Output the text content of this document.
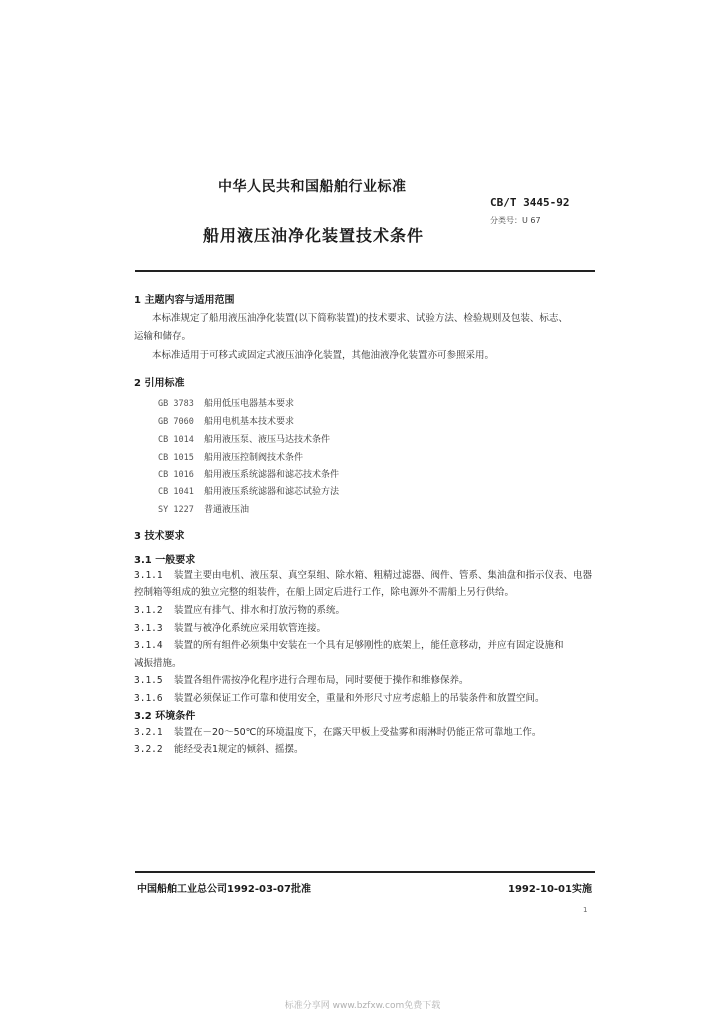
中华人民共和国船舶行业标准
CB/T 3445-92
分类号：U 67
船用液压油净化装置技术条件
1 主题内容与适用范围
本标准规定了船用液压油净化装置(以下简称装置)的技术要求、试验方法、检验规则及包装、标志、
运输和储存。
本标准适用于可移式或固定式液压油净化装置，其他油液净化装置亦可参照采用。
2 引用标准
GB 3783 船用低压电器基本要求
GB 7060 船用电机基本技术要求
CB 1014 船用液压泵、液压马达技术条件
CB 1015 船用液压控制阀技术条件
CB 1016 船用液压系统滤器和滤芯技术条件
CB 1041 船用液压系统滤器和滤芯试验方法
SY 1227 普通液压油
3 技术要求
3.1 一般要求
3.1.1 装置主要由电机、液压泵、真空泵组、除水箱、粗精过滤器、阀件、管系、集油盘和指示仪表、电器
控制箱等组成的独立完整的组装件，在船上固定后进行工作，除电源外不需船上另行供给。
3.1.2 装置应有排气、排水和打放污物的系统。
3.1.3 装置与被净化系统应采用软管连接。
3.1.4 装置的所有组件必须集中安装在一个具有足够刚性的底架上，能任意移动，并应有固定设施和
减振措施。
3.1.5 装置各组件需按净化程序进行合理布局，同时要便于操作和维修保养。
3.1.6 装置必须保证工作可靠和使用安全，重量和外形尺寸应考虑船上的吊装条件和放置空间。
3.2 环境条件
3.2.1 装置在－20～50℃的环境温度下，在露天甲板上受盐雾和雨淋时仍能正常可靠地工作。
3.2.2 能经受表1规定的倾斜、摇摆。
中国船舶工业总公司1992-03-07批准	1992-10-01实施
1
标准分享网 www.bzfxw.com免费下载
